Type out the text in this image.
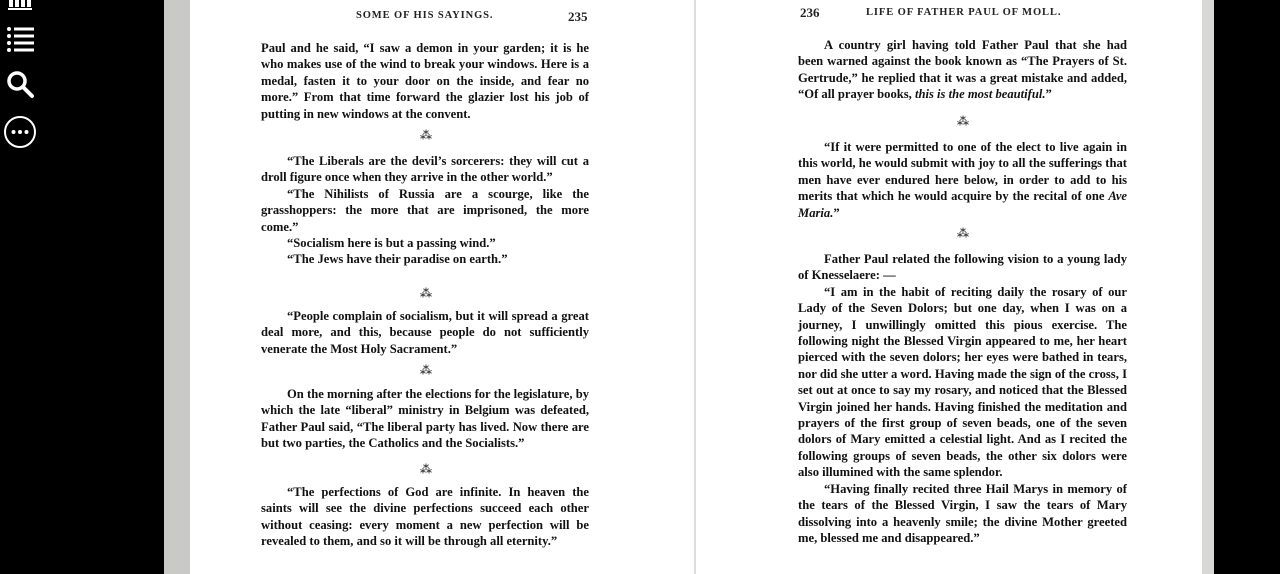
SOME OF HIS SAYINGS.	235

Paul and he said, “I saw a demon in your garden; it is he who makes use of the wind to break your windows. Here is a medal, fasten it to your door on the inside, and fear no more.” From that time forward the glazier lost his job of putting in new windows at the convent.

⁂

“The Liberals are the devil’s sorcerers: they will cut a droll figure once when they arrive in the other world.”

“The Nihilists of Russia are a scourge, like the grasshoppers: the more that are imprisoned, the more come.”

“Socialism here is but a passing wind.”

“The Jews have their paradise on earth.”

⁂

“People complain of socialism, but it will spread a great deal more, and this, because people do not sufficiently venerate the Most Holy Sacrament.”

⁂

On the morning after the elections for the legislature, by which the late “liberal” ministry in Belgium was defeated, Father Paul said, “The liberal party has lived. Now there are but two parties, the Catholics and the Socialists.”

⁂

“The perfections of God are infinite. In heaven the saints will see the divine perfections succeed each other without ceasing: every moment a new perfection will be revealed to them, and so it will be through all eternity.”

236	LIFE OF FATHER PAUL OF MOLL.

A country girl having told Father Paul that she had been warned against the book known as “The Prayers of St. Gertrude,” he replied that it was a great mistake and added, “Of all prayer books, this is the most beautiful.”

⁂

“If it were permitted to one of the elect to live again in this world, he would submit with joy to all the sufferings that men have ever endured here below, in order to add to his merits that which he would acquire by the recital of one Ave Maria.”

⁂

Father Paul related the following vision to a young lady of Knesselaere: —

“I am in the habit of reciting daily the rosary of our Lady of the Seven Dolors; but one day, when I was on a journey, I unwillingly omitted this pious exercise. The following night the Blessed Virgin appeared to me, her heart pierced with the seven dolors; her eyes were bathed in tears, nor did she utter a word. Having made the sign of the cross, I set out at once to say my rosary, and noticed that the Blessed Virgin joined her hands. Having finished the meditation and prayers of the first group of seven beads, one of the seven dolors of Mary emitted a celestial light. And as I recited the following groups of seven beads, the other six dolors were also illumined with the same splendor.

“Having finally recited three Hail Marys in memory of the tears of the Blessed Virgin, I saw the tears of Mary dissolving into a heavenly smile; the divine Mother greeted me, blessed me and disappeared.”
